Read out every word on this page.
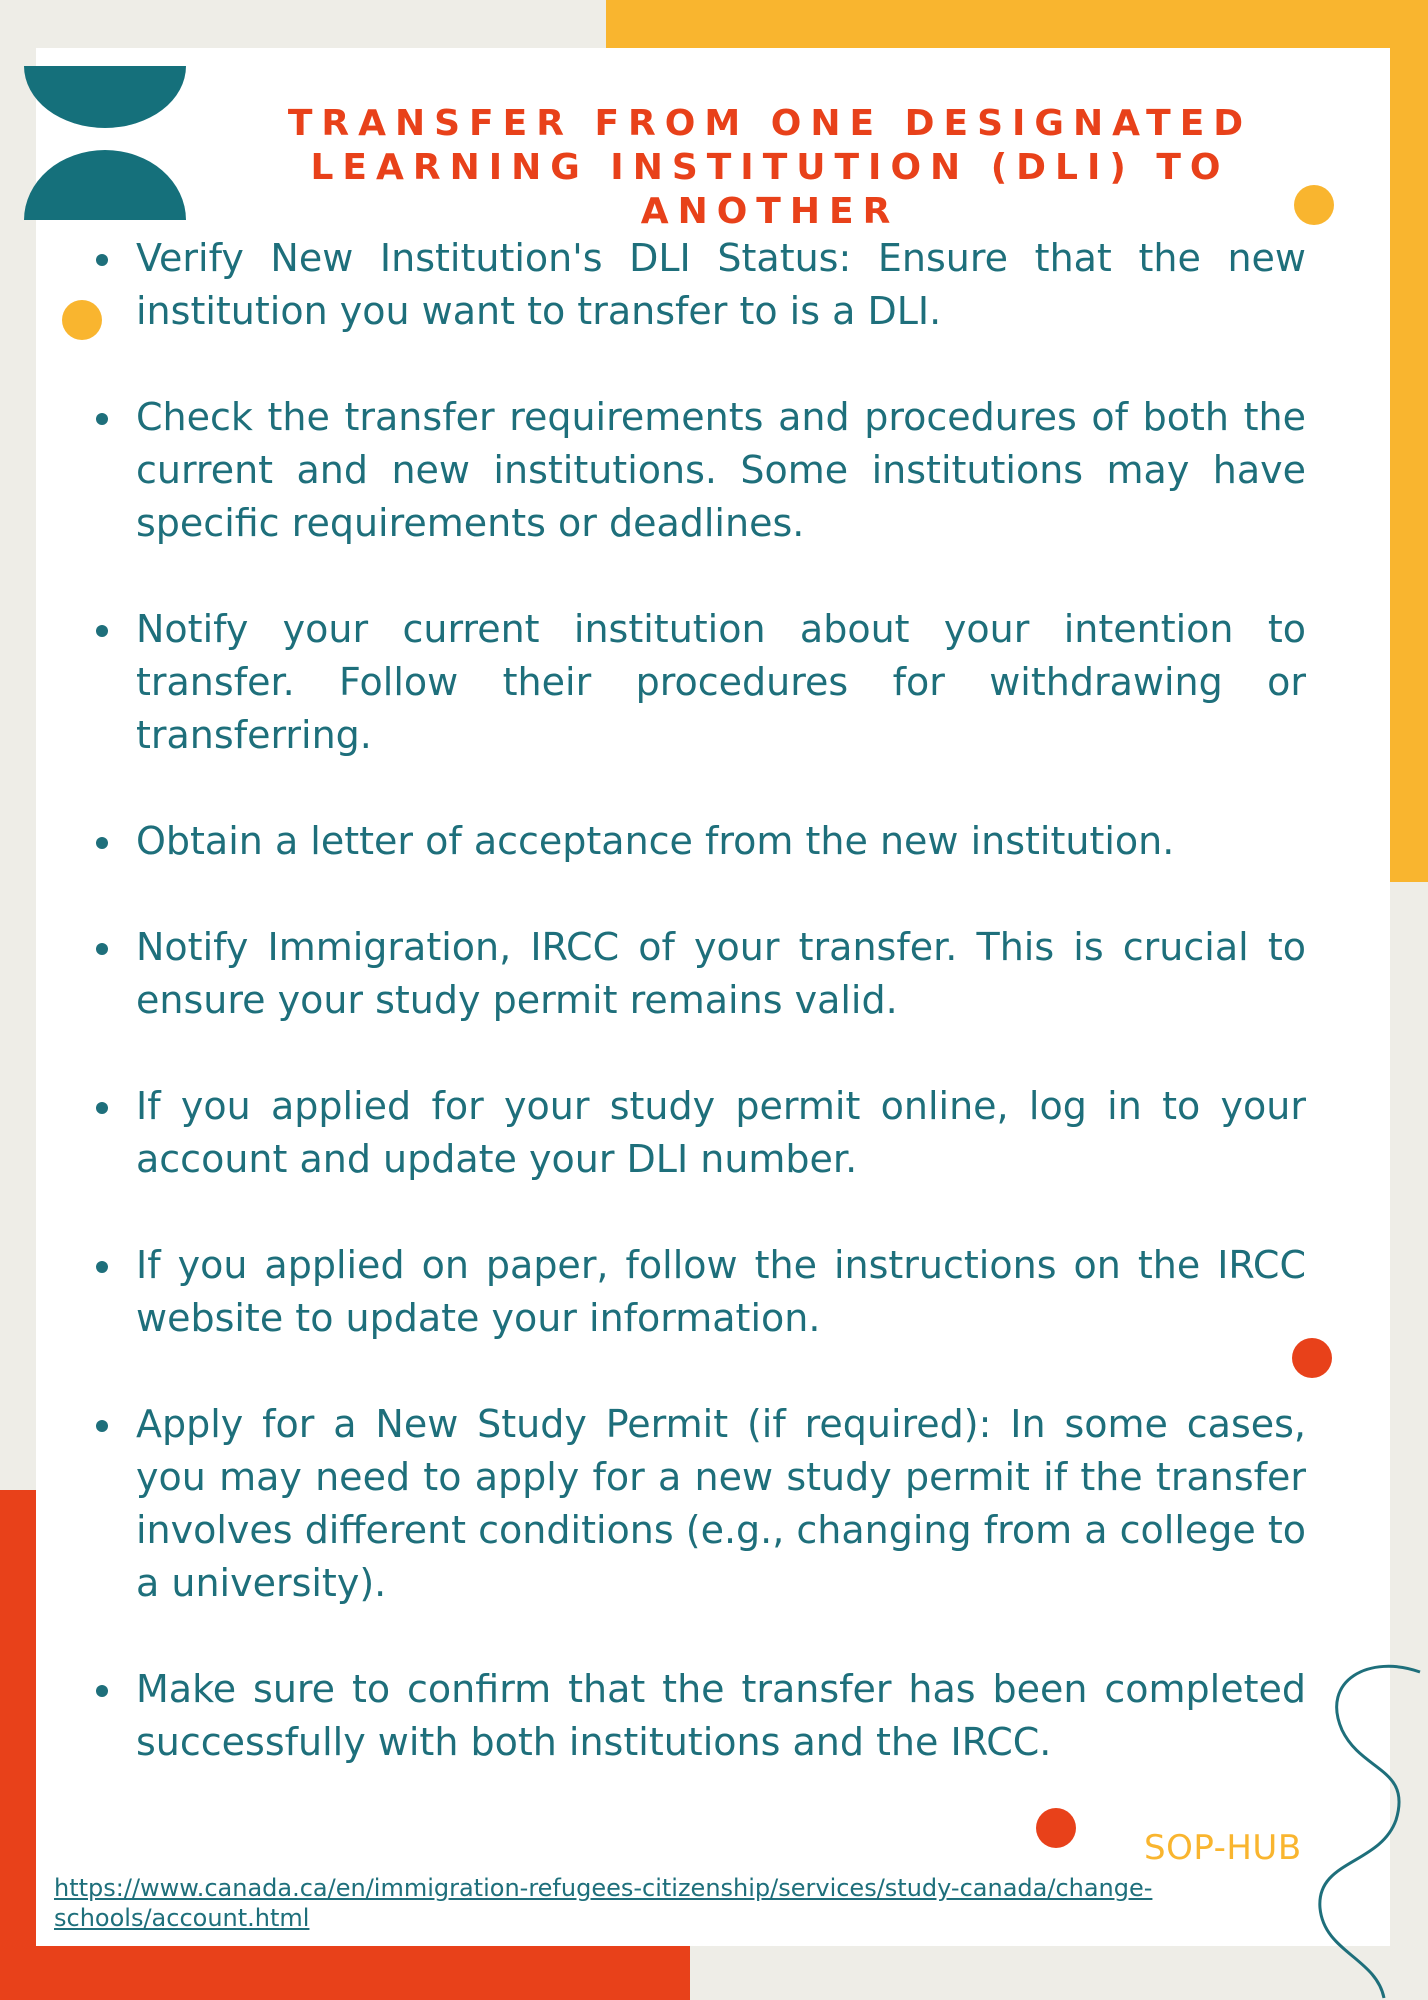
TRANSFER FROM ONE DESIGNATED
LEARNING INSTITUTION (DLI) TO ANOTHER
Verify New Institution's DLI Status: Ensure that the new institution you want to transfer to is a DLI.
Check the transfer requirements and procedures of both the current and new institutions. Some institutions may have specific requirements or deadlines.
Notify your current institution about your intention to transfer. Follow their procedures for withdrawing or transferring.
Obtain a letter of acceptance from the new institution.
Notify Immigration, IRCC of your transfer. This is crucial to ensure your study permit remains valid.
If you applied for your study permit online, log in to your account and update your DLI number.
If you applied on paper, follow the instructions on the IRCC website to update your information.
Apply for a New Study Permit (if required): In some cases, you may need to apply for a new study permit if the transfer involves different conditions (e.g., changing from a college to a university).
Make sure to confirm that the transfer has been completed successfully with both institutions and the IRCC.
SOP-HUB
https://www.canada.ca/en/immigration-refugees-citizenship/services/study-canada/change-schools/account.html
